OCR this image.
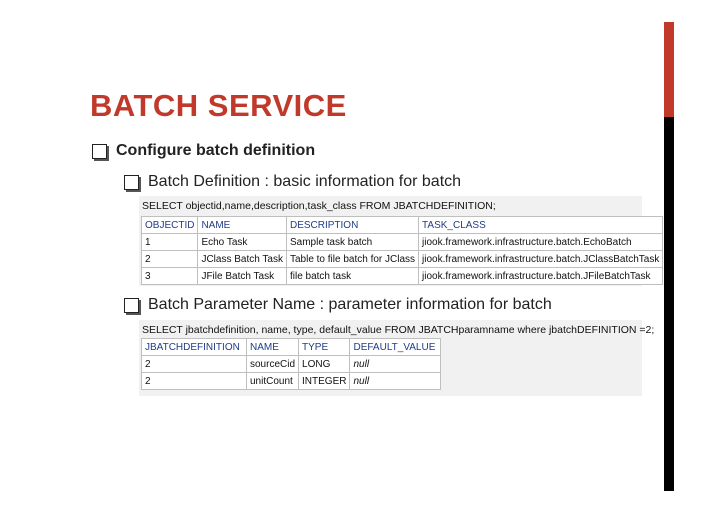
BATCH SERVICE
Configure batch definition
Batch Definition : basic information for batch
SELECT objectid,name,description,task_class FROM JBATCHDEFINITION;
OBJECTID	NAME	DESCRIPTION	TASK_CLASS
1	Echo Task	Sample task batch	jiook.framework.infrastructure.batch.EchoBatch
2	JClass Batch Task	Table to file batch for JClass	jiook.framework.infrastructure.batch.JClassBatchTask
3	JFile Batch Task	file batch task	jiook.framework.infrastructure.batch.JFileBatchTask
Batch Parameter Name : parameter information for batch
SELECT jbatchdefinition, name, type, default_value FROM JBATCHparamname where jbatchDEFINITION =2;
JBATCHDEFINITION	NAME	TYPE	DEFAULT_VALUE
2	sourceCid	LONG	null
2	unitCount	INTEGER	null
